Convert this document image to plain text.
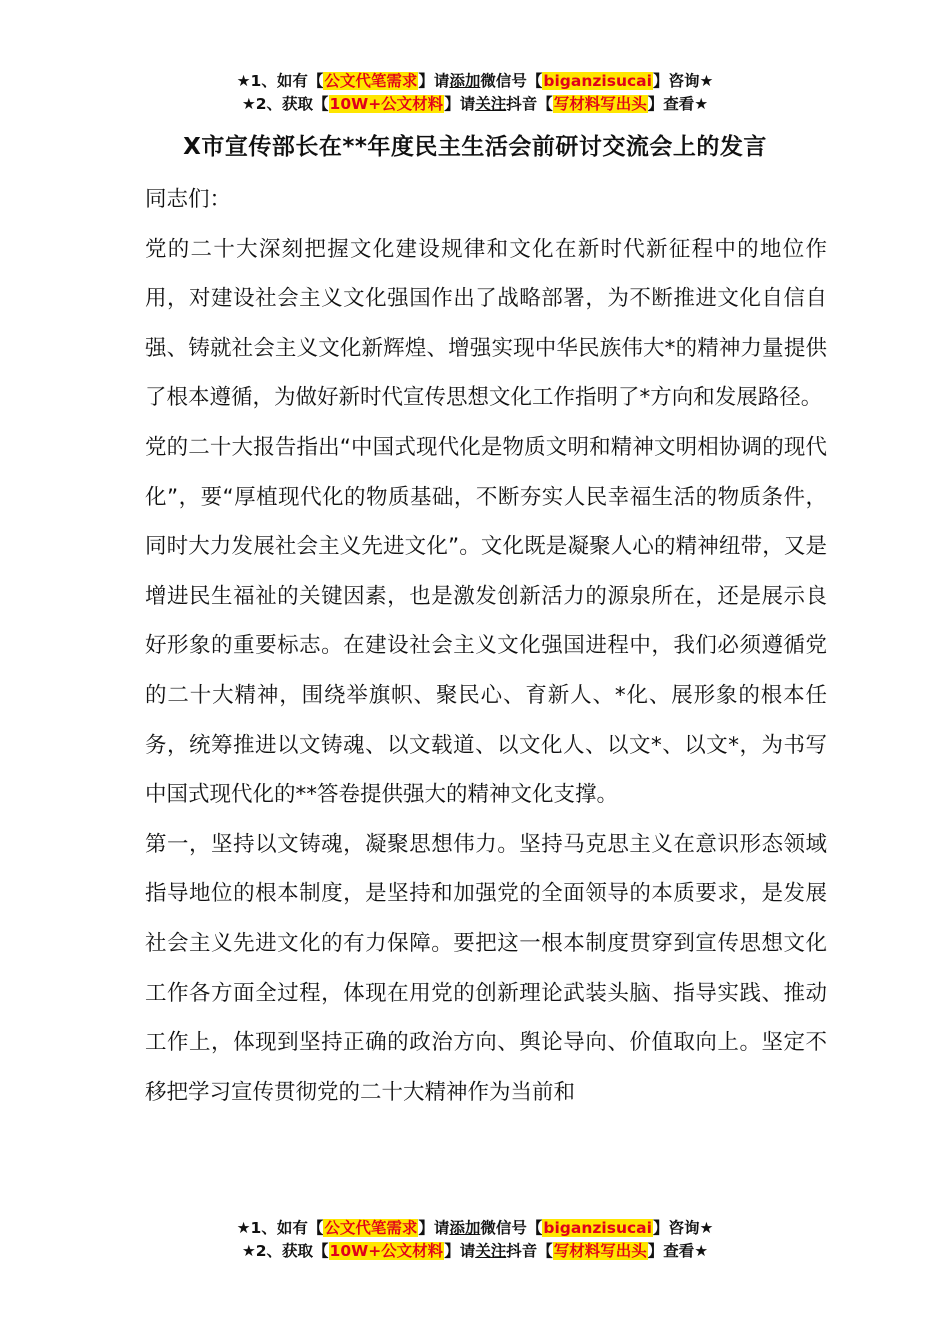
★1、如有【公文代笔需求】请添加微信号【biganzisucai】咨询★
★2、获取【10W+公文材料】请关注抖音【写材料写出头】查看★
X市宣传部长在**年度民主生活会前研讨交流会上的发言

同志们：

党的二十大深刻把握文化建设规律和文化在新时代新征程中的地位作用，对建设社会主义文化强国作出了战略部署，为不断推进文化自信自强、铸就社会主义文化新辉煌、增强实现中华民族伟大*的精神力量提供了根本遵循，为做好新时代宣传思想文化工作指明了*方向和发展路径。

党的二十大报告指出“中国式现代化是物质文明和精神文明相协调的现代化”，要“厚植现代化的物质基础，不断夯实人民幸福生活的物质条件，同时大力发展社会主义先进文化”。文化既是凝聚人心的精神纽带，又是增进民生福祉的关键因素，也是激发创新活力的源泉所在，还是展示良好形象的重要标志。在建设社会主义文化强国进程中，我们必须遵循党的二十大精神，围绕举旗帜、聚民心、育新人、*化、展形象的根本任务，统筹推进以文铸魂、以文载道、以文化人、以文*、以文*，为书写中国式现代化的**答卷提供强大的精神文化支撑。

第一，坚持以文铸魂，凝聚思想伟力。坚持马克思主义在意识形态领域指导地位的根本制度，是坚持和加强党的全面领导的本质要求，是发展社会主义先进文化的有力保障。要把这一根本制度贯穿到宣传思想文化工作各方面全过程，体现在用党的创新理论武装头脑、指导实践、推动工作上，体现到坚持正确的政治方向、舆论导向、价值取向上。坚定不移把学习宣传贯彻党的二十大精神作为当前和

★1、如有【公文代笔需求】请添加微信号【biganzisucai】咨询★
★2、获取【10W+公文材料】请关注抖音【写材料写出头】查看★
